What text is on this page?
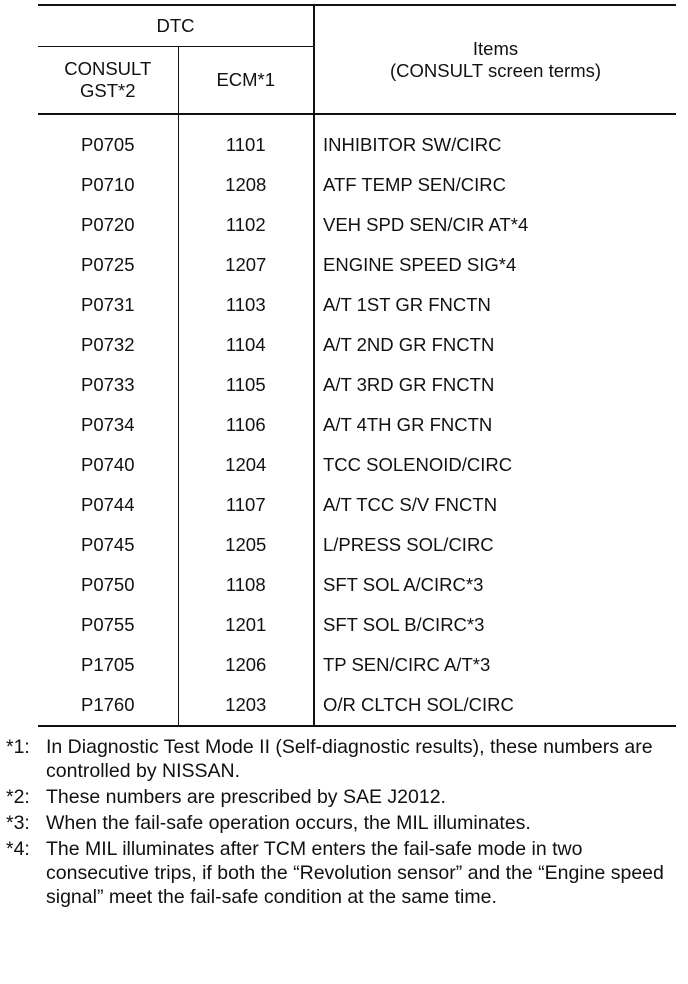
DTC		Items
(CONSULT screen terms)

CONSULT
GST*2	ECM*1	
P0705	1101	INHIBITOR SW/CIRC
P0710	1208	ATF TEMP SEN/CIRC
P0720	1102	VEH SPD SEN/CIR AT*4
P0725	1207	ENGINE SPEED SIG*4
P0731	1103	A/T 1ST GR FNCTN
P0732	1104	A/T 2ND GR FNCTN
P0733	1105	A/T 3RD GR FNCTN
P0734	1106	A/T 4TH GR FNCTN
P0740	1204	TCC SOLENOID/CIRC
P0744	1107	A/T TCC S/V FNCTN
P0745	1205	L/PRESS SOL/CIRC
P0750	1108	SFT SOL A/CIRC*3
P0755	1201	SFT SOL B/CIRC*3
P1705	1206	TP SEN/CIRC A/T*3
P1760	1203	O/R CLTCH SOL/CIRC
*1: In Diagnostic Test Mode II (Self-diagnostic results), these numbers are controlled by NISSAN.
*2: These numbers are prescribed by SAE J2012.
*3: When the fail-safe operation occurs, the MIL illuminates.
*4: The MIL illuminates after TCM enters the fail-safe mode in two consecutive trips, if both the “Revolution sensor” and the “Engine speed signal” meet the fail-safe condition at the same time.
